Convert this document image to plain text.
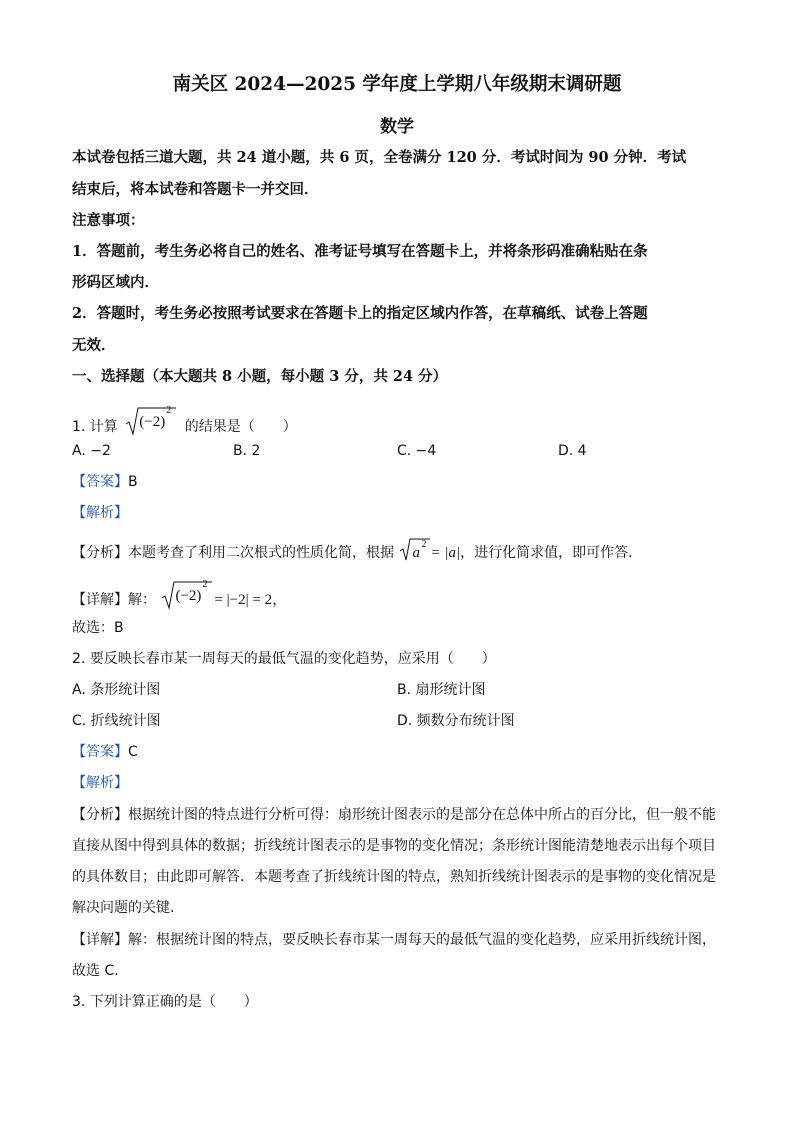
南关区 2024—2025 学年度上学期八年级期末调研题
数学
本试卷包括三道大题，共 24 道小题，共 6 页，全卷满分 120 分．考试时间为 90 分钟．考试
结束后，将本试卷和答题卡一并交回．
注意事项：
1．答题前，考生务必将自己的姓名、准考证号填写在答题卡上，并将条形码准确粘贴在条
形码区域内．
2．答题时，考生务必按照考试要求在答题卡上的指定区域内作答，在草稿纸、试卷上答题
无效．
一、选择题（本大题共 8 小题，每小题 3 分，共 24 分）
1. 计算 (−2)
2
的结果是（　　）
A. −2	B. 2	C. −4	D. 4
【答案】B
【解析】
【分析】本题考查了利用二次根式的性质化简，根据 a
2
= |a|，进行化简求值，即可作答．
【详解】解： (−2)
2
= |−2| = 2，
故选：B
2. 要反映长春市某一周每天的最低气温的变化趋势，应采用（　　）
A. 条形统计图	B. 扇形统计图
C. 折线统计图	D. 频数分布统计图
【答案】C
【解析】
【分析】根据统计图的特点进行分析可得：扇形统计图表示的是部分在总体中所占的百分比，但一般不能
直接从图中得到具体的数据；折线统计图表示的是事物的变化情况；条形统计图能清楚地表示出每个项目
的具体数目；由此即可解答．本题考查了折线统计图的特点，熟知折线统计图表示的是事物的变化情况是
解决问题的关键．
【详解】解：根据统计图的特点，要反映长春市某一周每天的最低气温的变化趋势，应采用折线统计图，
故选 C．
3. 下列计算正确的是（　　）
